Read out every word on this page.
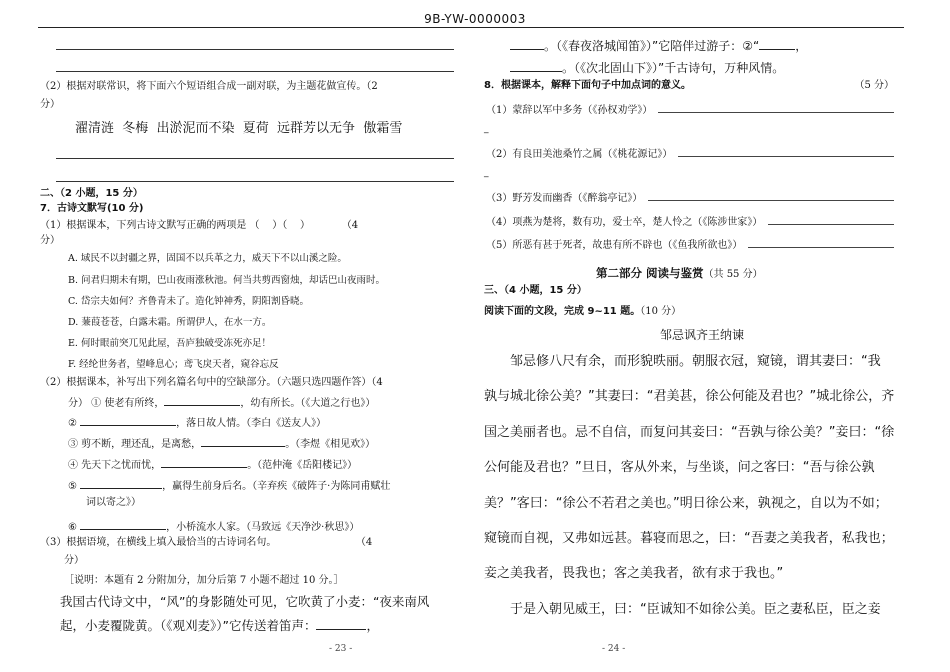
9B-YW-0000003
（2）根据对联常识，将下面六个短语组合成一副对联，为主题花做宣传。（2
分）
濯清涟  冬梅  出淤泥而不染  夏荷  远群芳以无争  傲霜雪
二、（2 小题，15 分）
7．古诗文默写(10 分)
（1）根据课本，下列古诗文默写正确的两项是 （    ）（    ）          （4
分）
A. 域民不以封疆之界，固国不以兵革之力，威天下不以山溪之险。
B. 问君归期未有期，巴山夜雨涨秋池。何当共剪西窗烛，却话巴山夜雨时。
C. 岱宗夫如何？齐鲁青未了。造化钟神秀，阴阳割昏晓。
D. 蒹葭苍苍，白露未霜。所谓伊人，在水一方。
E. 何时眼前突兀见此屋，吾庐独破受冻死亦足！
F. 经纶世务者，望峰息心；鸢飞戾天者，窥谷忘反
（2）根据课本，补写出下列名篇名句中的空缺部分。（六题只选四题作答）（4
分） ① 使老有所终，	，幼有所长。（《大道之行也》）
②	，落日故人情。（李白《送友人》）
③ 剪不断，理还乱，是离愁，	。（李煜《相见欢》）
④ 先天下之忧而忧，	。（范仲淹《岳阳楼记》）
⑤	，赢得生前身后名。（辛弃疾《破阵子·为陈同甫赋壮
词以寄之》）
⑥	，小桥流水人家。（马致远《天净沙·秋思》）
（3）根据语境，在横线上填入最恰当的古诗词名句。                         （4
分）
［说明：本题有 2 分附加分，加分后第 7 小题不超过 10 分。］
我国古代诗文中，“风”的身影随处可见，它吹黄了小麦：“夜来南风
起，小麦覆陇黄。（《观刈麦》）”它传送着笛声：	，
- 23 -
。（《春夜洛城闻笛》）”它陪伴过游子：②“	，
。（《次北固山下》）”千古诗句，万种风情。
8．根据课本，解释下面句子中加点词的意义。	（5 分）
（1）蒙辞以军中多务（《孙权劝学》）
_
（2）有良田美池桑竹之属（《桃花源记》）
_
（3）野芳发而幽香（《醉翁亭记》）
（4）项燕为楚将，数有功，爱士卒，楚人怜之（《陈涉世家》）
（5）所恶有甚于死者，故患有所不辟也（《鱼我所欲也》）
第二部分 阅读与鉴赏（共 55 分）
三、（4 小题，15 分）
阅读下面的文段，完成 9~11 题。（10 分）
邹忌讽齐王纳谏
邹忌修八尺有余，而形貌昳丽。朝服衣冠，窥镜，谓其妻曰：“我
孰与城北徐公美？”其妻曰：“君美甚，徐公何能及君也？”城北徐公，齐
国之美丽者也。忌不自信，而复问其妾曰：“吾孰与徐公美？”妾曰：“徐
公何能及君也？”旦日，客从外来，与坐谈，问之客曰：“吾与徐公孰
美？”客曰：“徐公不若君之美也。”明日徐公来，孰视之，自以为不如；
窥镜而自视，又弗如远甚。暮寝而思之，曰：“吾妻之美我者，私我也；
妾之美我者，畏我也；客之美我者，欲有求于我也。”
于是入朝见威王，曰：“臣诚知不如徐公美。臣之妻私臣，臣之妾
- 24 -
